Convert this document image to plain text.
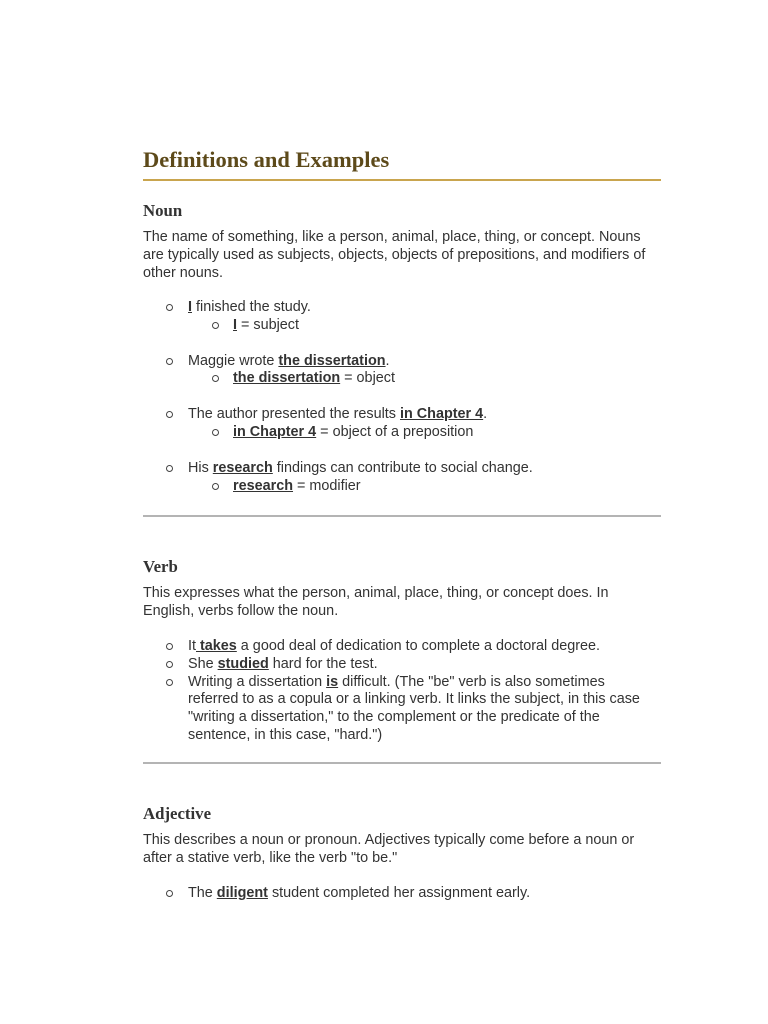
Definitions and Examples
Noun

The name of something, like a person, animal, place, thing, or concept. Nouns are typically used as subjects, objects, objects of prepositions, and modifiers of other nouns.

I finished the study.
I = subject
Maggie wrote the dissertation.
the dissertation = object
The author presented the results in Chapter 4.
in Chapter 4 = object of a preposition
His research findings can contribute to social change.
research = modifier
Verb

This expresses what the person, animal, place, thing, or concept does. In English, verbs follow the noun.

It takes a good deal of dedication to complete a doctoral degree.
She studied hard for the test.
Writing a dissertation is difficult. (The "be" verb is also sometimes referred to as a copula or a linking verb. It links the subject, in this case "writing a dissertation," to the complement or the predicate of the sentence, in this case, "hard.")
Adjective

This describes a noun or pronoun. Adjectives typically come before a noun or after a stative verb, like the verb "to be."

The diligent student completed her assignment early.
